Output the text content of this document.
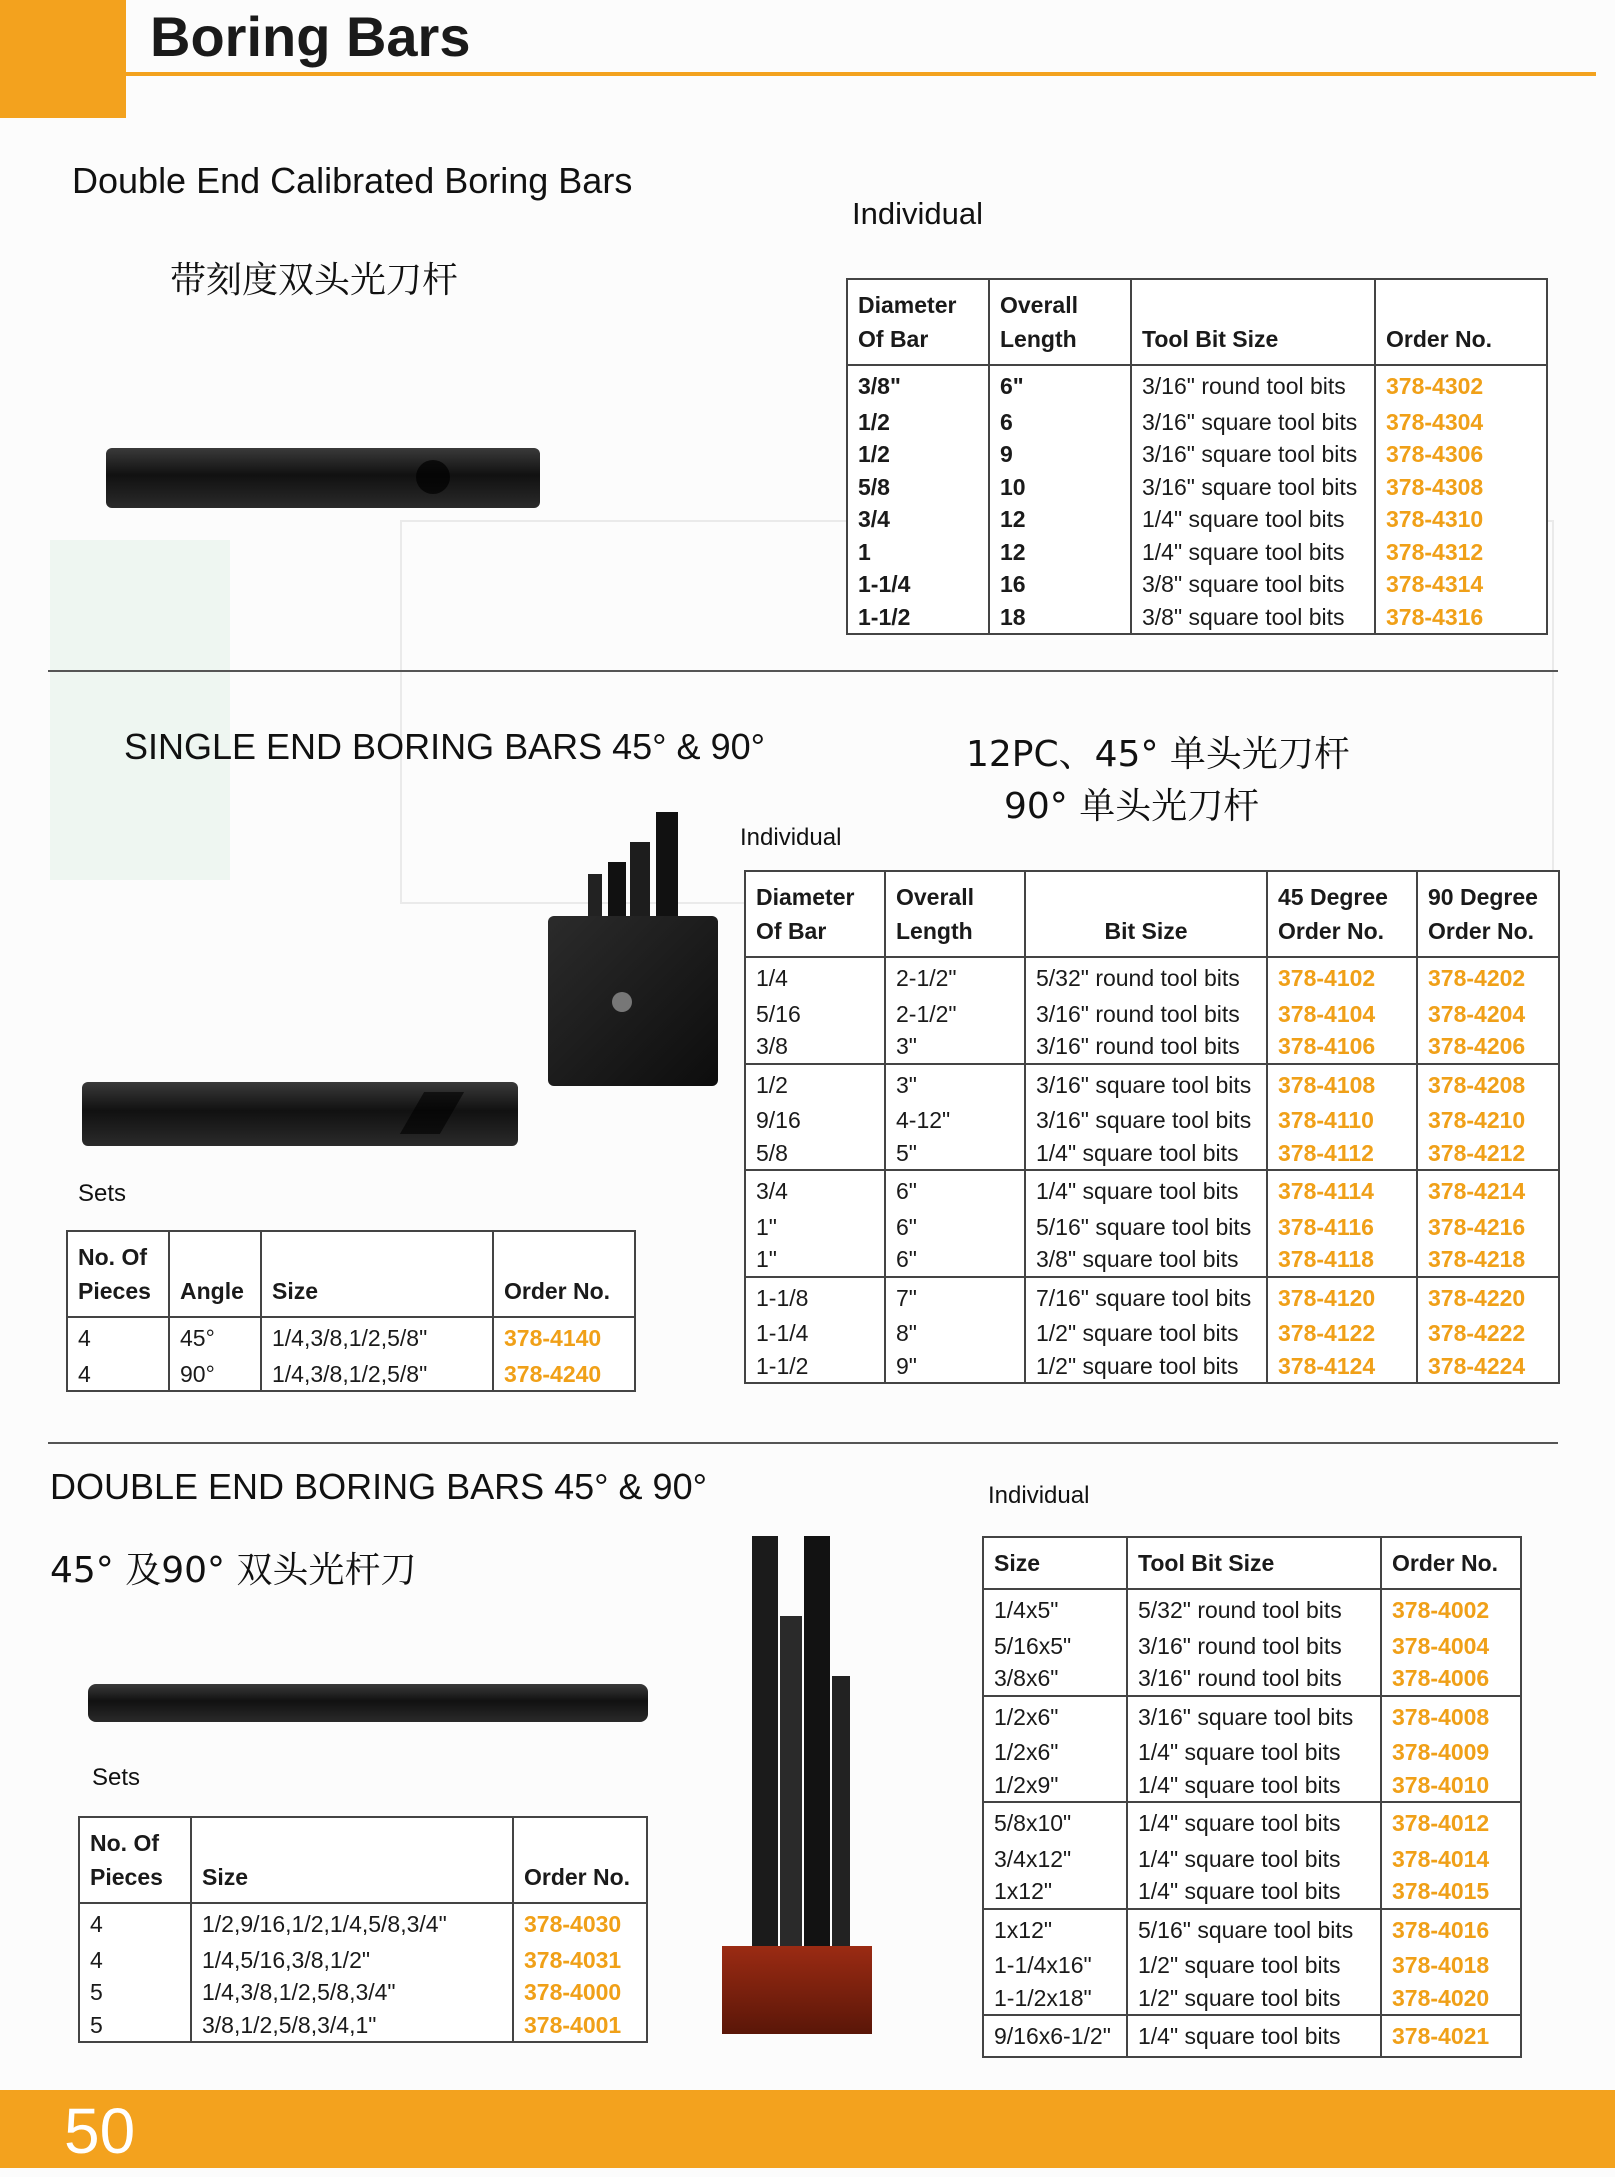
Boring Bars
Double End Calibrated Boring Bars
带刻度双头光刀杆
Individual
Diameter Of Bar	Overall Length	Tool Bit Size	Order No.
3/8"	6"	3/16" round tool bits	378-4302
1/2	6	3/16" square tool bits	378-4304
1/2	9	3/16" square tool bits	378-4306
5/8	10	3/16" square tool bits	378-4308
3/4	12	1/4" square tool bits	378-4310
1	12	1/4" square tool bits	378-4312
1-1/4	16	3/8" square tool bits	378-4314
1-1/2	18	3/8" square tool bits	378-4316
SINGLE END BORING BARS 45° & 90°	12PC、45° 单头光刀杆
90° 单头光刀杆
Individual
Diameter Of Bar	Overall Length	Bit Size	45 Degree Order No.	90 Degree Order No.
1/4	2-1/2"	5/32" round tool bits	378-4102	378-4202
5/16	2-1/2"	3/16" round tool bits	378-4104	378-4204
3/8	3"	3/16" round tool bits	378-4106	378-4206
1/2	3"	3/16" square tool bits	378-4108	378-4208
9/16	4-12"	3/16" square tool bits	378-4110	378-4210
5/8	5"	1/4" square tool bits	378-4112	378-4212
3/4	6"	1/4" square tool bits	378-4114	378-4214
1"	6"	5/16" square tool bits	378-4116	378-4216
1"	6"	3/8" square tool bits	378-4118	378-4218
1-1/8	7"	7/16" square tool bits	378-4120	378-4220
1-1/4	8"	1/2" square tool bits	378-4122	378-4222
1-1/2	9"	1/2" square tool bits	378-4124	378-4224
Sets
No. Of Pieces	Angle	Size	Order No.
4	45°	1/4,3/8,1/2,5/8"	378-4140
4	90°	1/4,3/8,1/2,5/8"	378-4240
DOUBLE END BORING BARS 45° & 90°
45° 及90° 双头光杆刀
Individual
Size	Tool Bit Size	Order No.
1/4x5"	5/32" round tool bits	378-4002
5/16x5"	3/16" round tool bits	378-4004
3/8x6"	3/16" round tool bits	378-4006
1/2x6"	3/16" square tool bits	378-4008
1/2x6"	1/4" square tool bits	378-4009
1/2x9"	1/4" square tool bits	378-4010
5/8x10"	1/4" square tool bits	378-4012
3/4x12"	1/4" square tool bits	378-4014
1x12"	1/4" square tool bits	378-4015
1x12"	5/16" square tool bits	378-4016
1-1/4x16"	1/2" square tool bits	378-4018
1-1/2x18"	1/2" square tool bits	378-4020
9/16x6-1/2"	1/4" square tool bits	378-4021
Sets
No. Of Pieces	Size	Order No.
4	1/2,9/16,1/2,1/4,5/8,3/4"	378-4030
4	1/4,5/16,3/8,1/2"	378-4031
5	1/4,3/8,1/2,5/8,3/4"	378-4000
5	3/8,1/2,5/8,3/4,1"	378-4001
50
